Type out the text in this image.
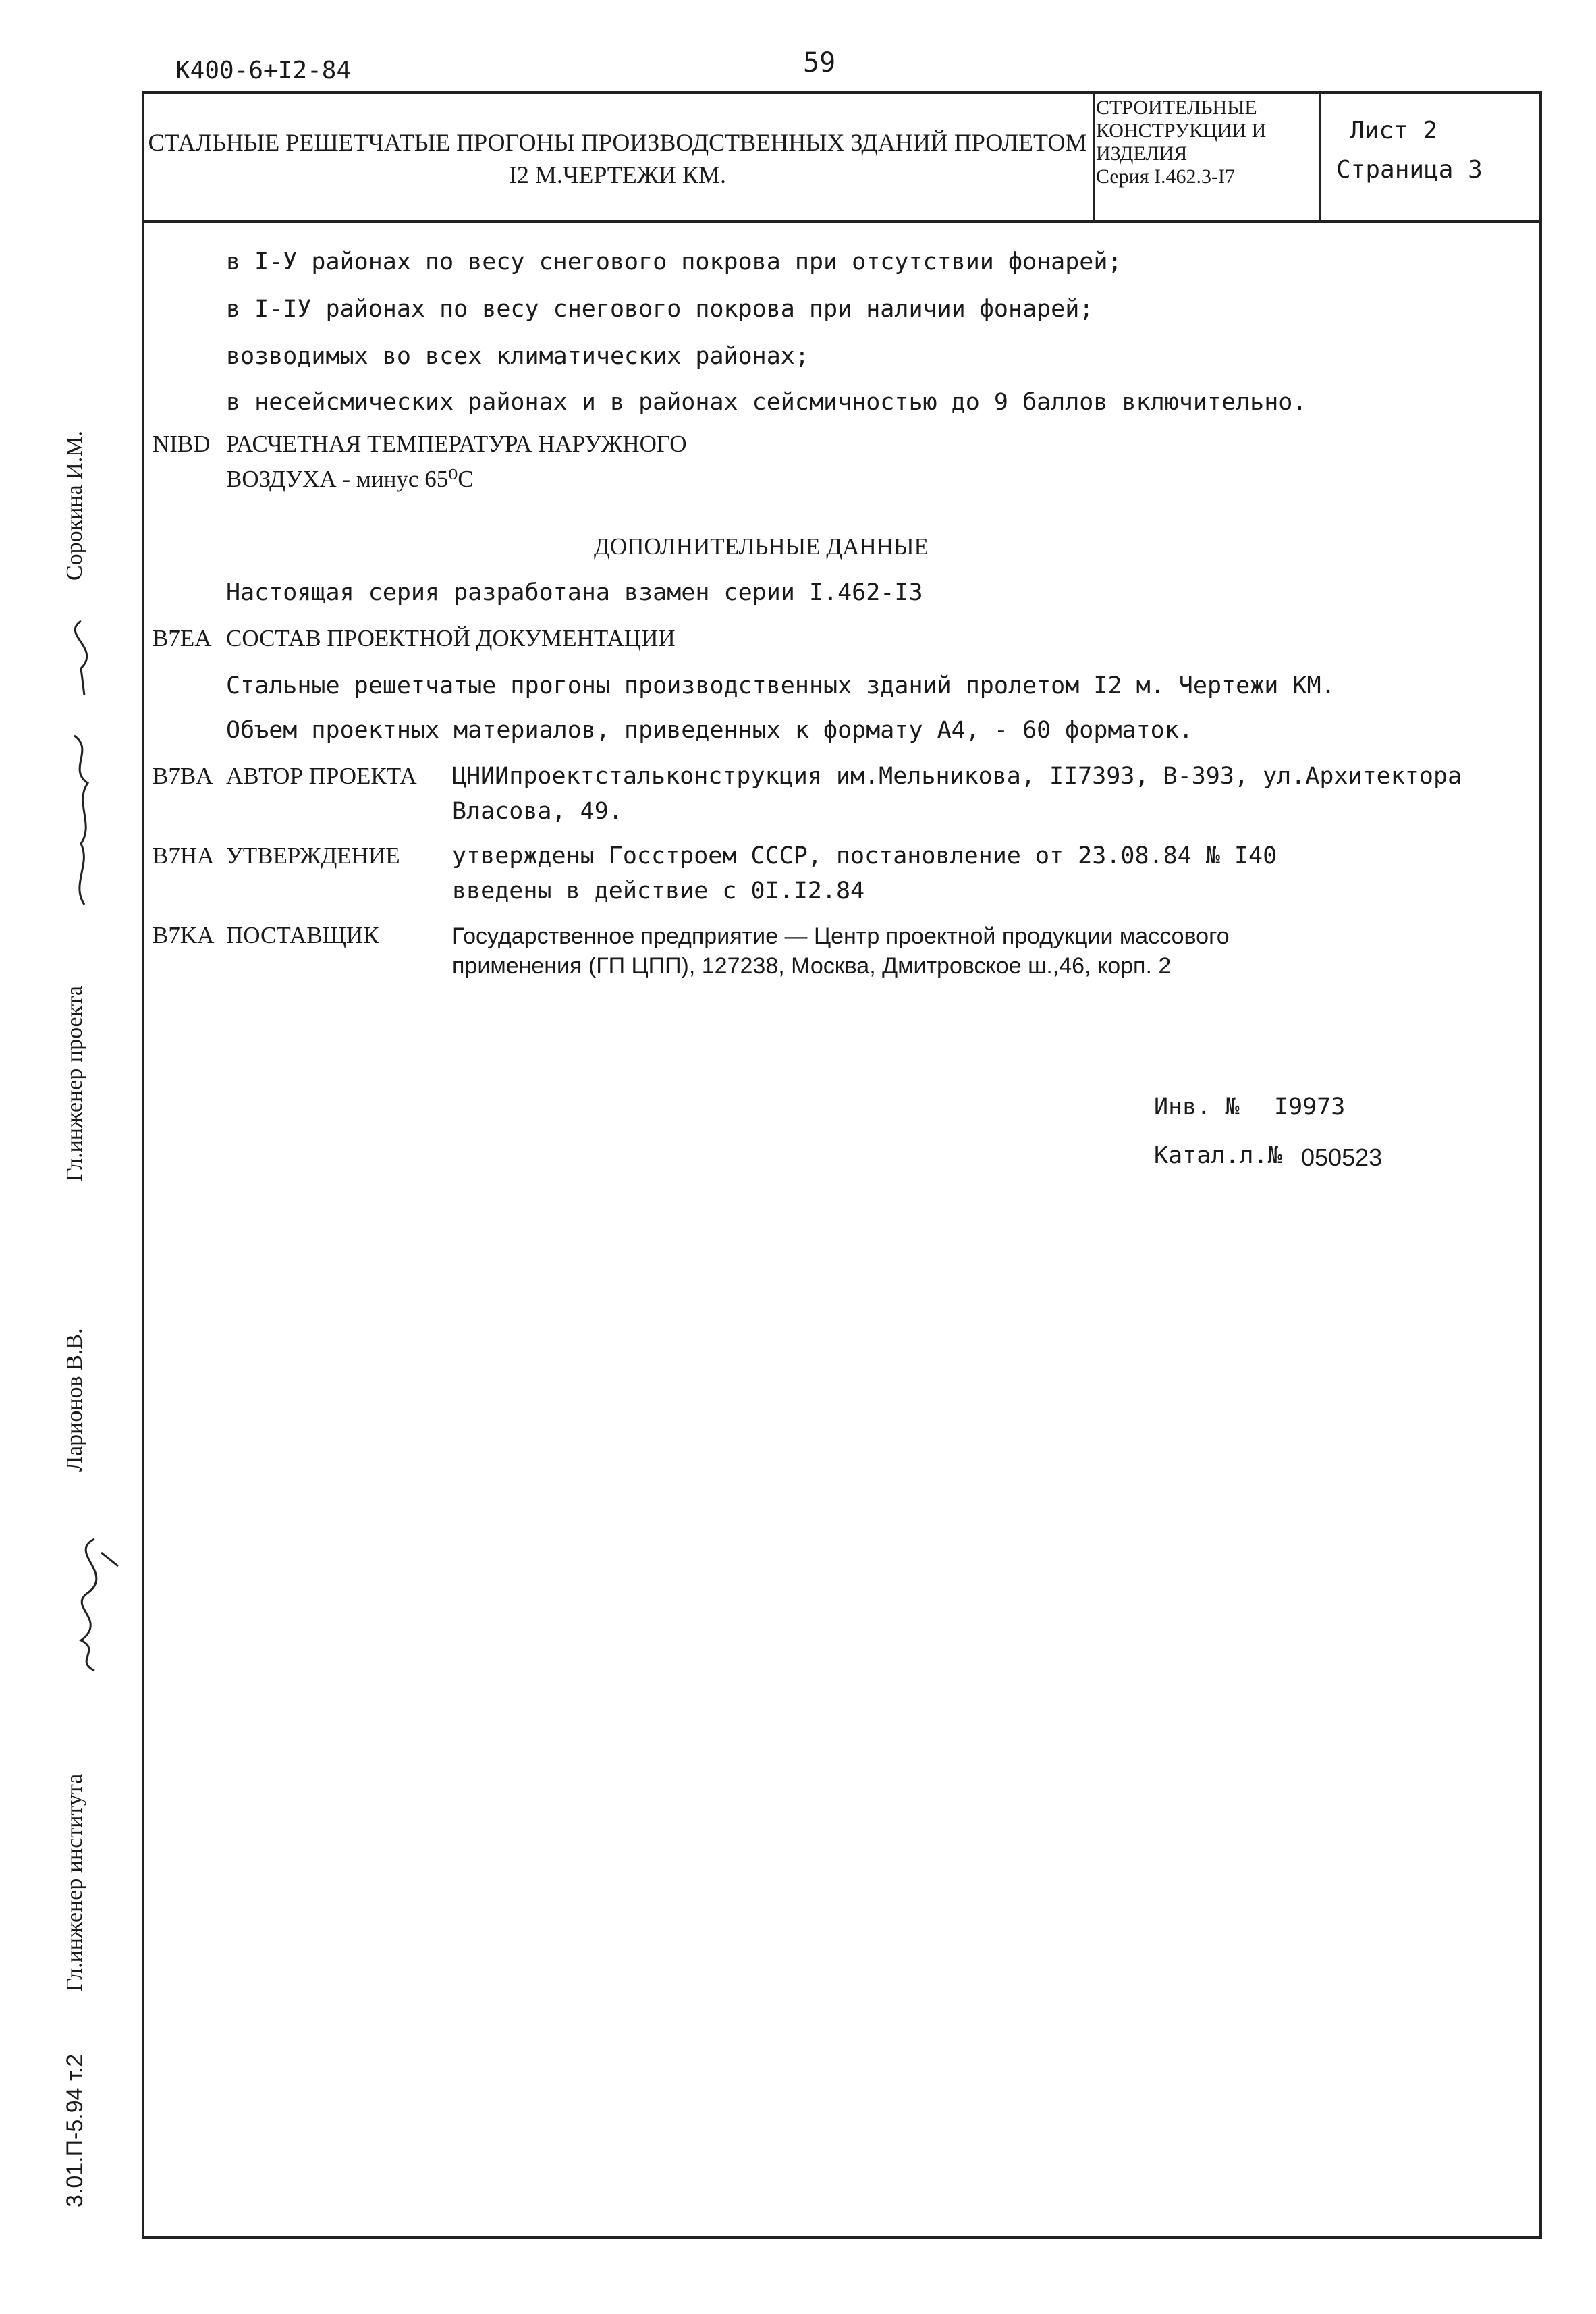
59
К400-6+I2-84
СТАЛЬНЫЕ РЕШЕТЧАТЫЕ ПРОГОНЫ ПРОИЗВОДСТВЕННЫХ ЗДАНИЙ ПРОЛЕТОМ
I2 М.ЧЕРТЕЖИ КМ.
СТРОИТЕЛЬНЫЕ
КОНСТРУКЦИИ И
ИЗДЕЛИЯ
Серия I.462.3-I7
Лист 2
Страница 3
в I-У районах по весу снегового покрова при отсутствии фонарей;
в I-IУ районах по весу снегового покрова при наличии фонарей;
возводимых во всех климатических районах;
в несейсмических районах и в районах сейсмичностью до 9 баллов включительно.
NIBD РАСЧЕТНАЯ ТЕМПЕРАТУРА НАРУЖНОГО
ВОЗДУХА - минус 65⁰С
ДОПОЛНИТЕЛЬНЫЕ ДАННЫЕ
Настоящая серия разработана взамен серии I.462-I3
B7EA СОСТАВ ПРОЕКТНОЙ ДОКУМЕНТАЦИИ
Стальные решетчатые прогоны производственных зданий пролетом I2 м. Чертежи КМ.
Объем проектных материалов, приведенных к формату А4, - 60 форматок.
B7BA АВТОР ПРОЕКТА ЦНИИпроектстальконструкция им.Мельникова, II7393, В-393, ул.Архитектора
Власова, 49.
B7HA УТВЕРЖДЕНИЕ утверждены Госстроем СССР, постановление от 23.08.84 № I40
введены в действие с 0I.I2.84
B7KA ПОСТАВЩИК	Государственное предприятие — Центр проектной продукции массового
применения (ГП ЦПП), 127238, Москва, Дмитровское ш.,46, корп. 2
Инв. № I9973
Катал.л.№ 050523
Сорокина И.М.
Гл.инженер проекта
Ларионов В.В.
Гл.инженер института
3.01.П-5.94 т.2
